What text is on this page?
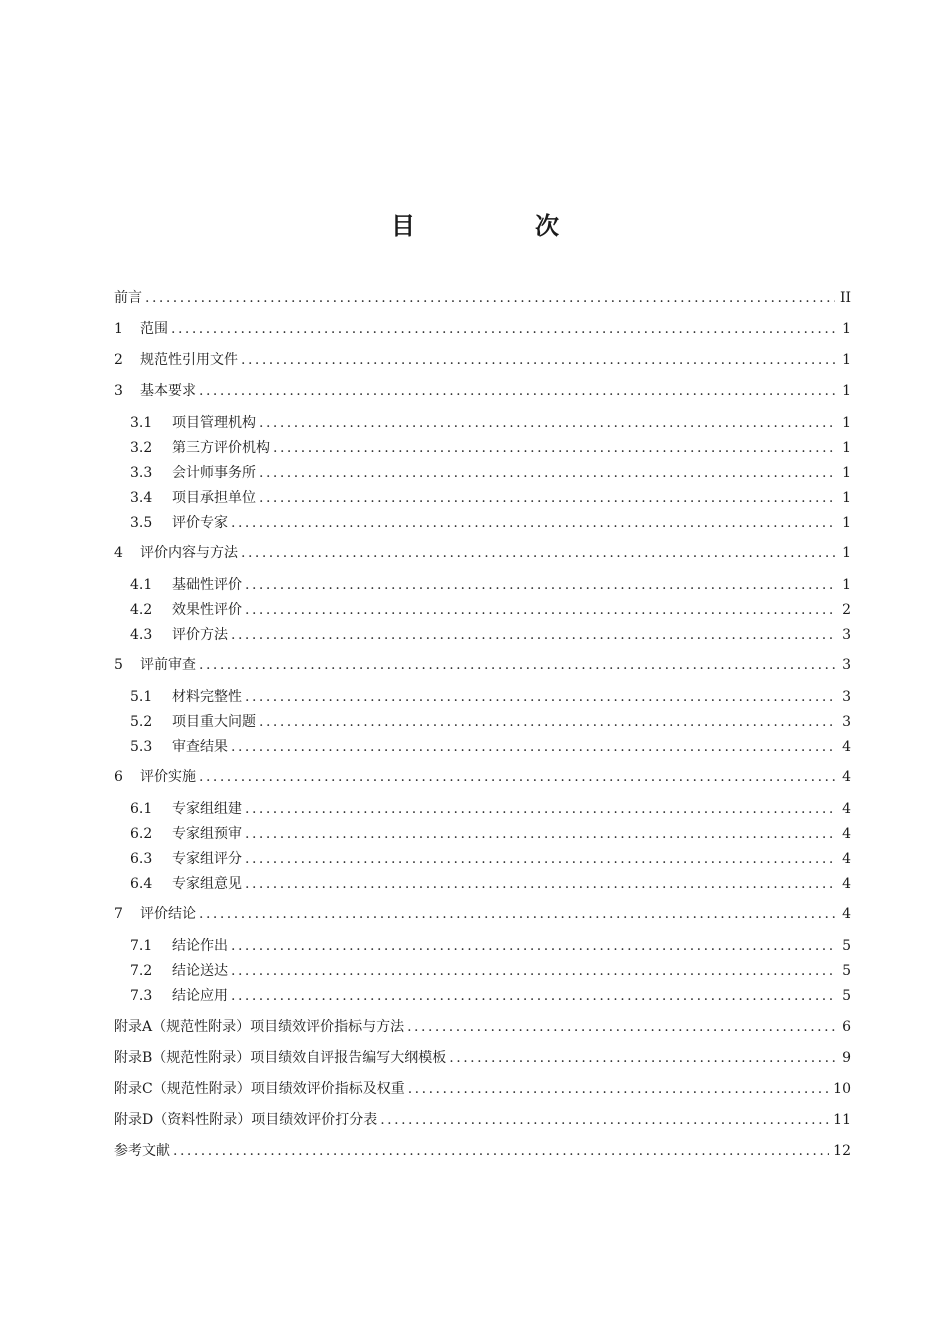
目　次
前言 .....	II
1	范围 .....	1
2	规范性引用文件 .....	1
3	基本要求 .....	1
3.1	项目管理机构 .....	1
3.2	第三方评价机构 .....	1
3.3	会计师事务所 .....	1
3.4	项目承担单位 .....	1
3.5	评价专家 .....	1
4	评价内容与方法 .....	1
4.1	基础性评价 .....	1
4.2	效果性评价 .....	2
4.3	评价方法 .....	3
5	评前审查 .....	3
5.1	材料完整性 .....	3
5.2	项目重大问题 .....	3
5.3	审查结果 .....	4
6	评价实施 .....	4
6.1	专家组组建 .....	4
6.2	专家组预审 .....	4
6.3	专家组评分 .....	4
6.4	专家组意见 .....	4
7	评价结论 .....	4
7.1	结论作出 .....	5
7.2	结论送达 .....	5
7.3	结论应用 .....	5
附录A（规范性附录）项目绩效评价指标与方法 .....	6
附录B（规范性附录）项目绩效自评报告编写大纲模板 .....	9
附录C（规范性附录）项目绩效评价指标及权重 .....	10
附录D（资料性附录）项目绩效评价打分表 .....	11
参考文献 .....	12
